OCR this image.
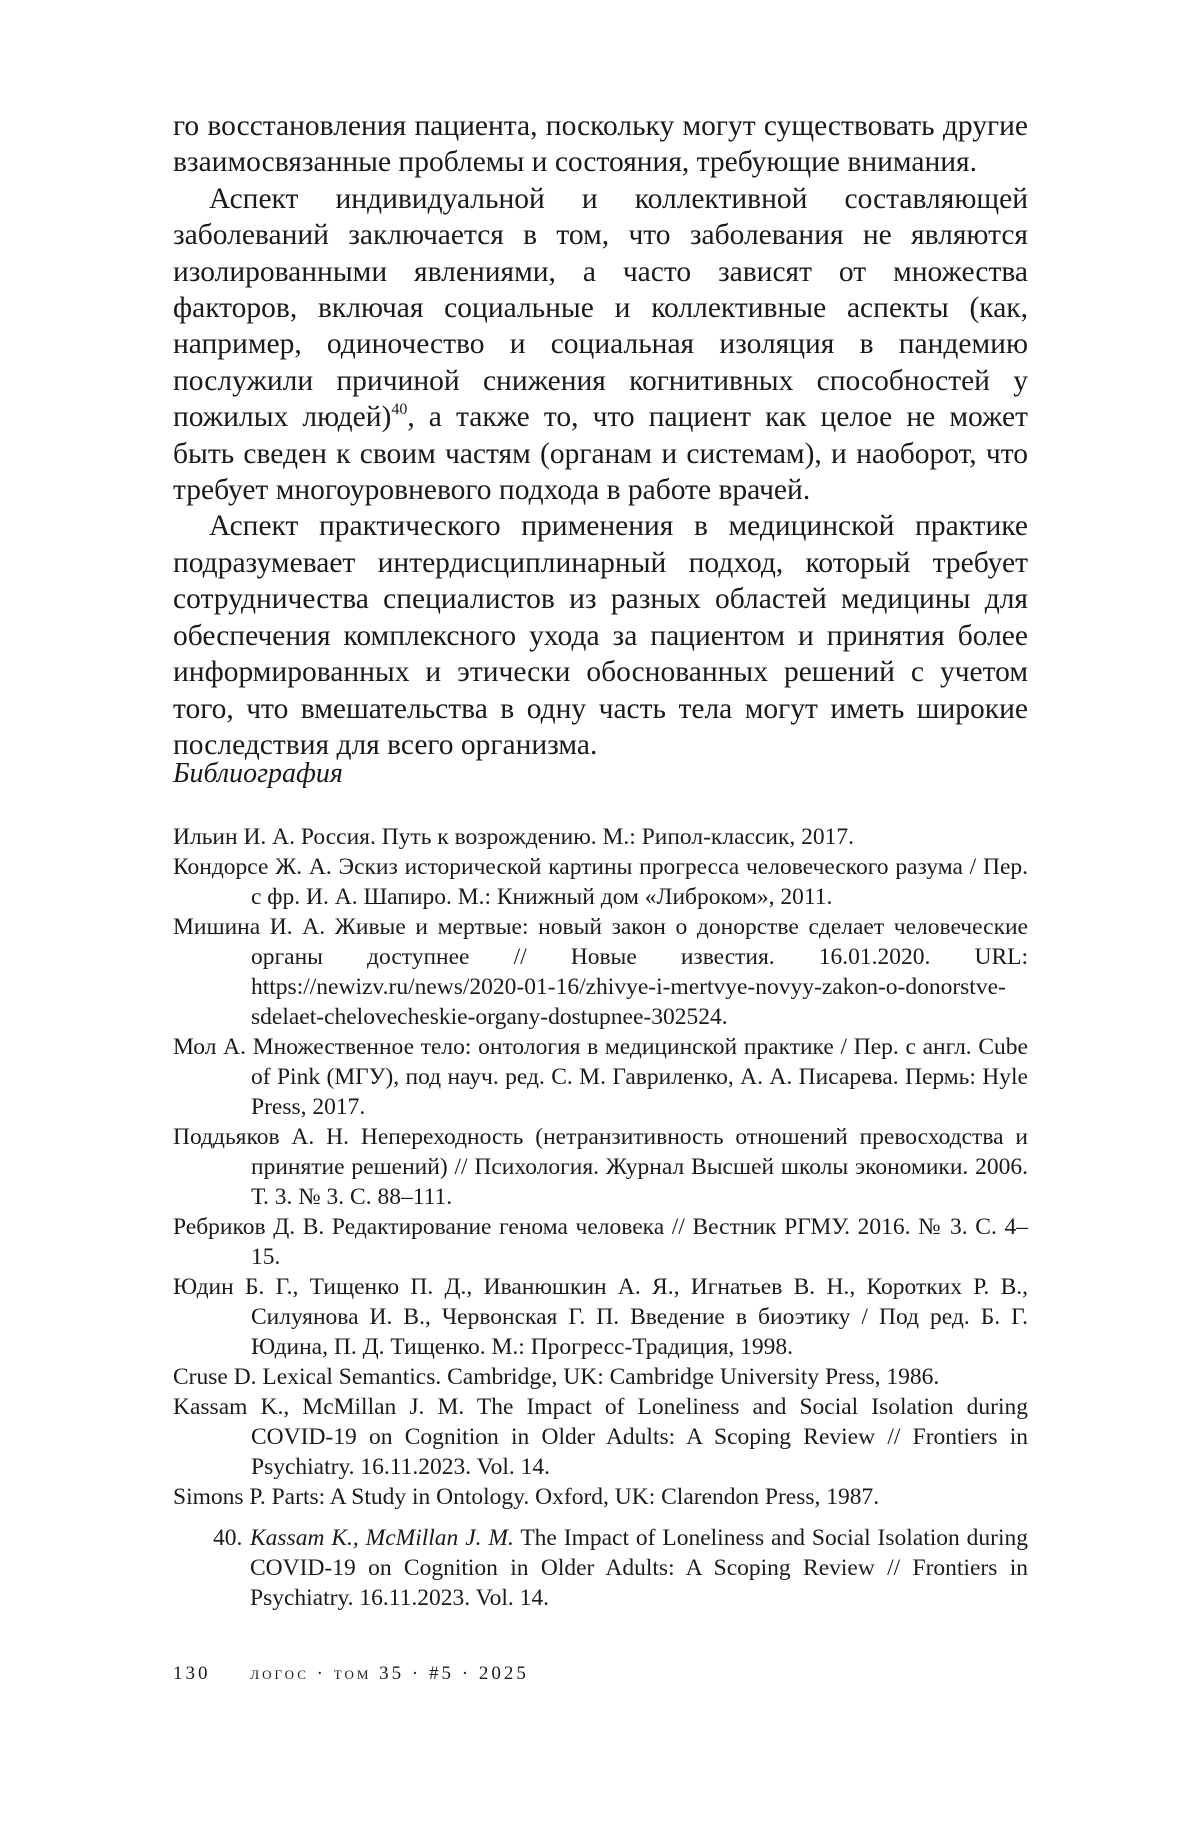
го восстановления пациента, поскольку могут существовать другие взаимосвязанные проблемы и состояния, требующие внимания.

Аспект индивидуальной и коллективной составляющей заболеваний заключается в том, что заболевания не являются изолированными явлениями, а часто зависят от множества факторов, включая социальные и коллективные аспекты (как, например, одиночество и социальная изоляция в пандемию послужили причиной снижения когнитивных способностей у пожилых людей)$^{40}$, а также то, что пациент как целое не может быть сведен к своим частям (органам и системам), и наоборот, что требует многоуровневого подхода в работе врачей.

Аспект практического применения в медицинской практике подразумевает интердисциплинарный подход, который требует сотрудничества специалистов из разных областей медицины для обеспечения комплексного ухода за пациентом и принятия более информированных и этически обоснованных решений с учетом того, что вмешательства в одну часть тела могут иметь широкие последствия для всего организма.

Библиография
Ильин И. А. Россия. Путь к возрождению. М.: Рипол-классик, 2017.
Кондорсе Ж. А. Эскиз исторической картины прогресса человеческого разума / Пер. с фр. И. А. Шапиро. М.: Книжный дом «Либроком», 2011.
Мишина И. А. Живые и мертвые: новый закон о донорстве сделает человеческие органы доступнее // Новые известия. 16.01.2020. URL: https://newizv.ru/news/2020-01-16/zhivye-i-mertvye-novyy-zakon-o-donorstve-sdelaet-chelovecheskie-organy-dostupnee-302524.
Мол А. Множественное тело: онтология в медицинской практике / Пер. с англ. Cube of Pink (МГУ), под науч. ред. С. М. Гавриленко, А. А. Писарева. Пермь: Hyle Press, 2017.
Поддьяков А. Н. Непереходность (нетранзитивность отношений превосходства и принятие решений) // Психология. Журнал Высшей школы экономики. 2006. Т. 3. № 3. С. 88–111.
Ребриков Д. В. Редактирование генома человека // Вестник РГМУ. 2016. № 3. С. 4–15.
Юдин Б. Г., Тищенко П. Д., Иванюшкин А. Я., Игнатьев В. Н., Коротких Р. В., Силуянова И. В., Червонская Г. П. Введение в биоэтику / Под ред. Б. Г. Юдина, П. Д. Тищенко. М.: Прогресс-Традиция, 1998.
Cruse D. Lexical Semantics. Cambridge, UK: Cambridge University Press, 1986.
Kassam K., McMillan J. M. The Impact of Loneliness and Social Isolation during COVID-19 on Cognition in Older Adults: A Scoping Review // Frontiers in Psychiatry. 16.11.2023. Vol. 14.
Simons P. Parts: A Study in Ontology. Oxford, UK: Clarendon Press, 1987.
40. Kassam K., McMillan J. M. The Impact of Loneliness and Social Isolation during COVID-19 on Cognition in Older Adults: A Scoping Review // Frontiers in Psychiatry. 16.11.2023. Vol. 14.
130 логос · том 35 · #5 · 2025
